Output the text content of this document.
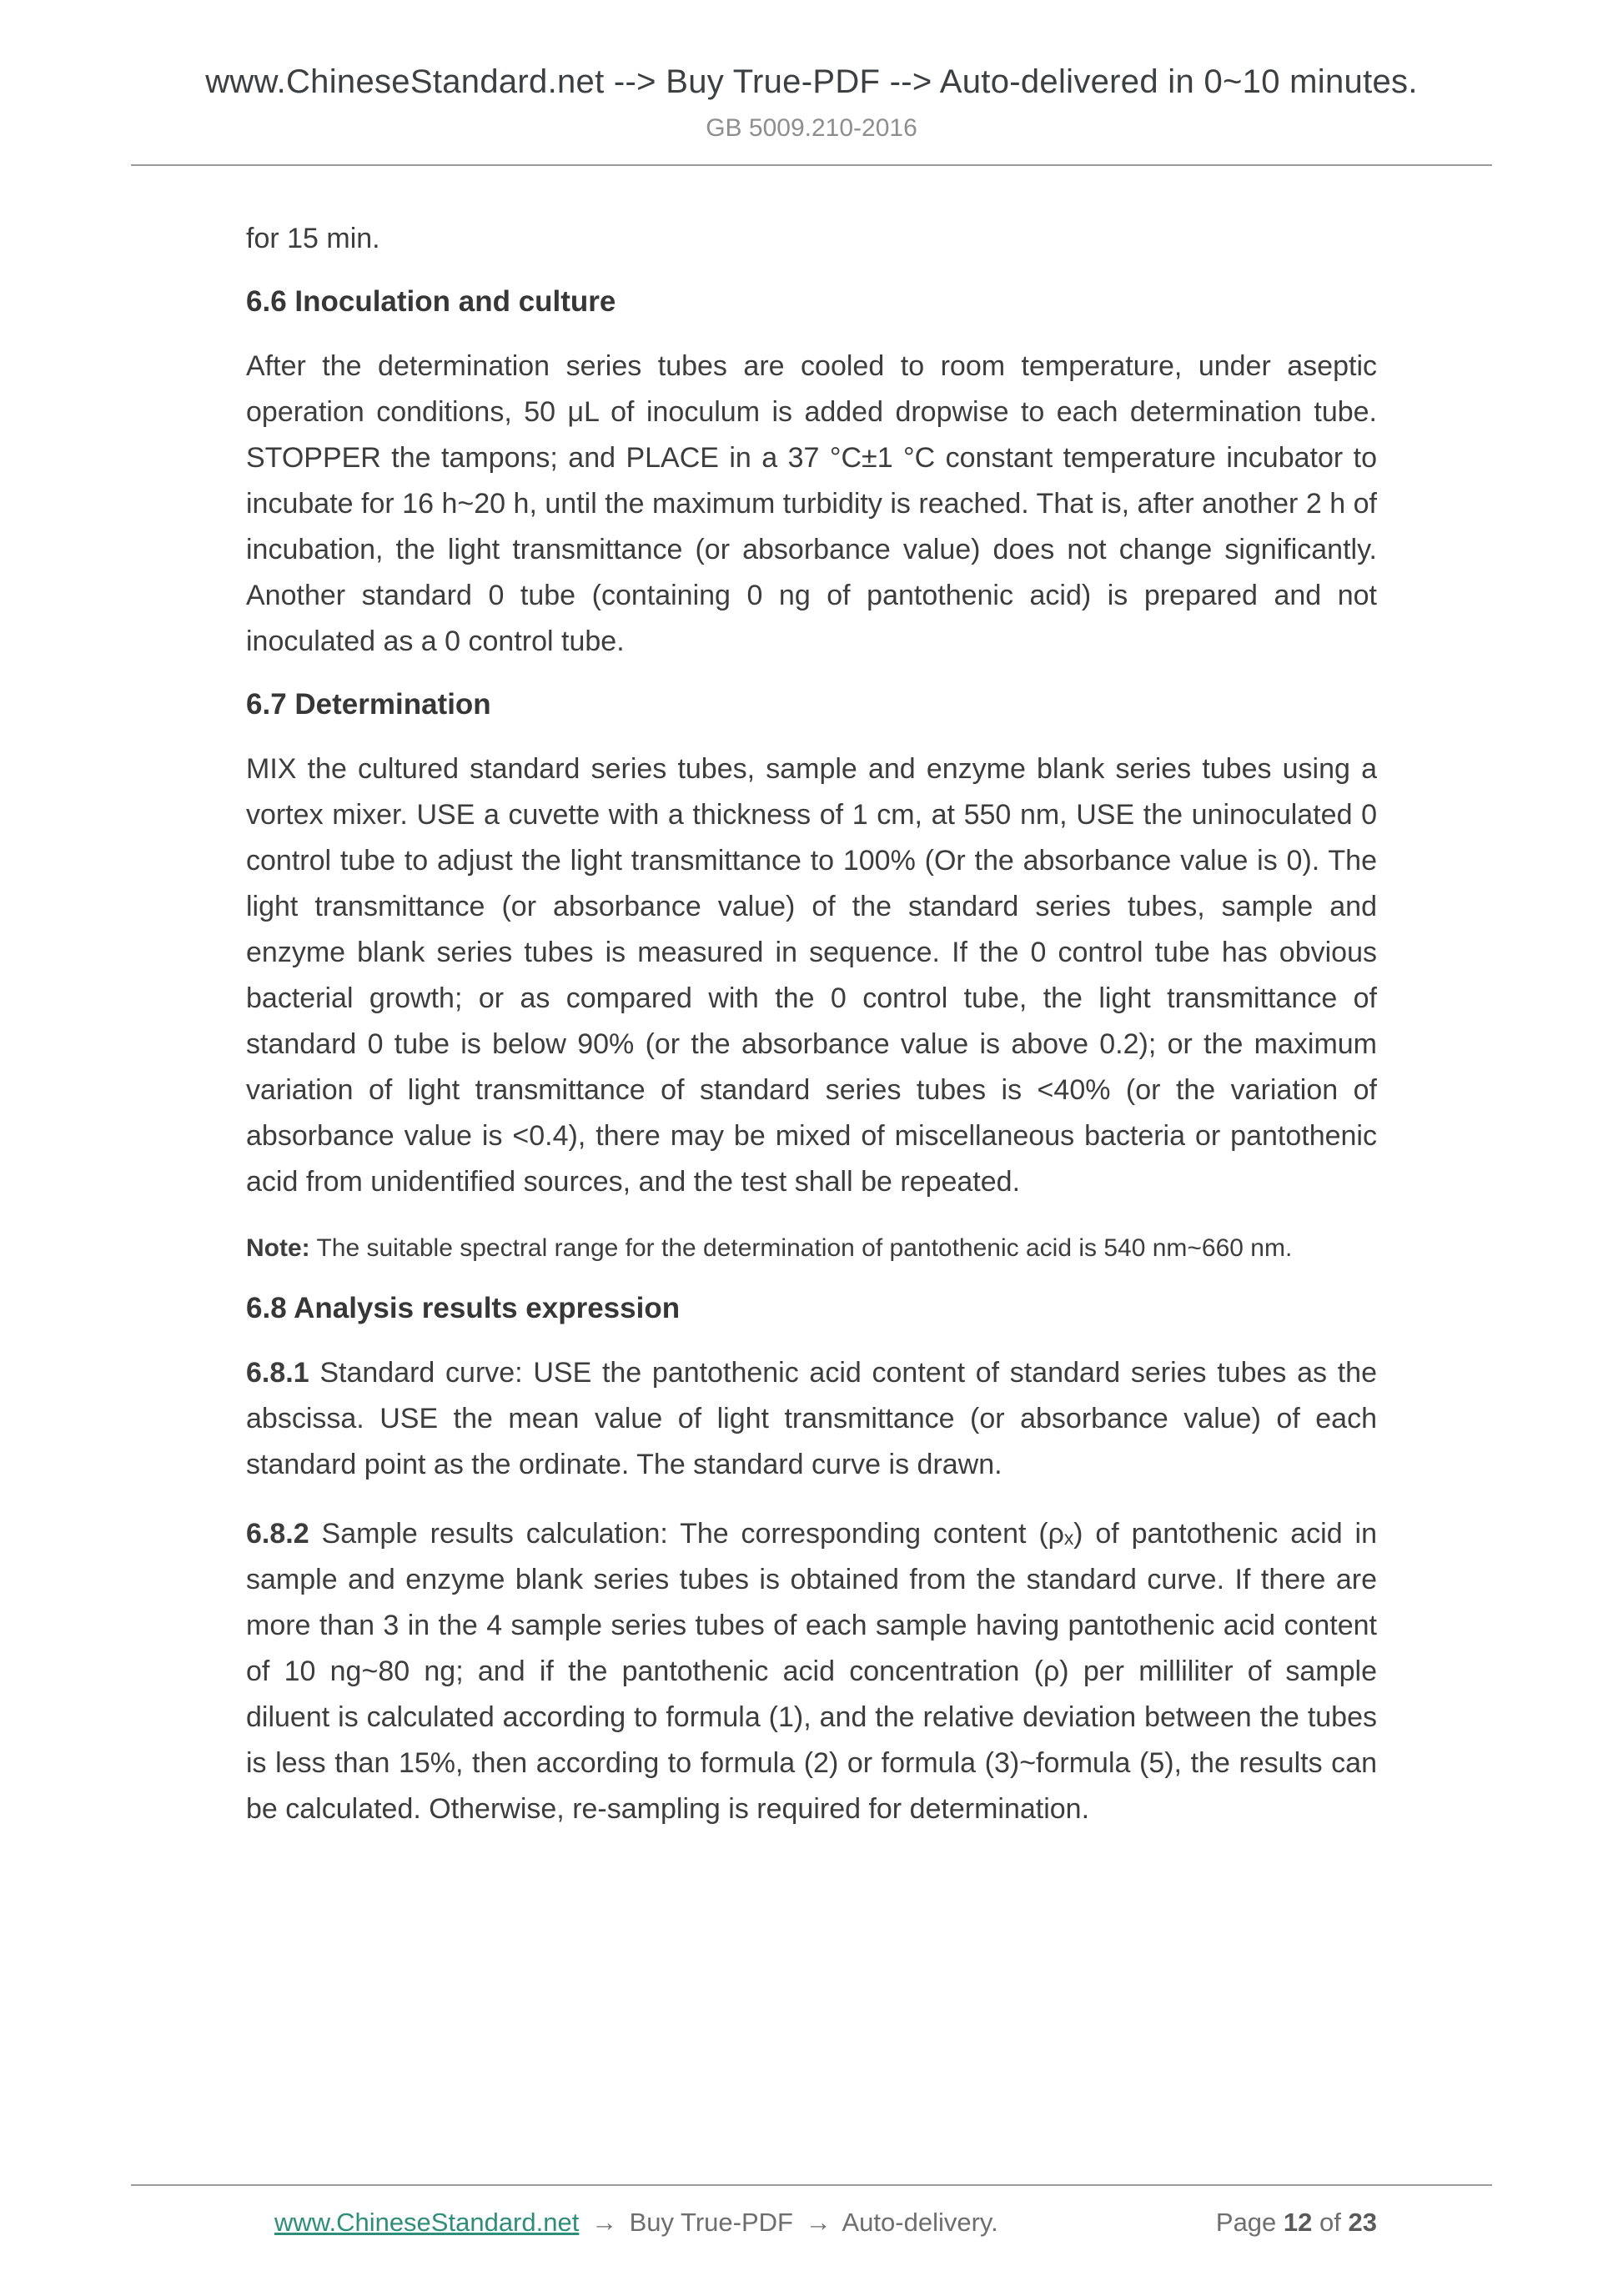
www.ChineseStandard.net --> Buy True-PDF --> Auto-delivered in 0~10 minutes.
GB 5009.210-2016

for 15 min.

6.6 Inoculation and culture

After the determination series tubes are cooled to room temperature, under aseptic operation conditions, 50 μL of inoculum is added dropwise to each determination tube. STOPPER the tampons; and PLACE in a 37 °C±1 °C constant temperature incubator to incubate for 16 h~20 h, until the maximum turbidity is reached. That is, after another 2 h of incubation, the light transmittance (or absorbance value) does not change significantly. Another standard 0 tube (containing 0 ng of pantothenic acid) is prepared and not inoculated as a 0 control tube.

6.7 Determination

MIX the cultured standard series tubes, sample and enzyme blank series tubes using a vortex mixer. USE a cuvette with a thickness of 1 cm, at 550 nm, USE the uninoculated 0 control tube to adjust the light transmittance to 100% (Or the absorbance value is 0). The light transmittance (or absorbance value) of the standard series tubes, sample and enzyme blank series tubes is measured in sequence. If the 0 control tube has obvious bacterial growth; or as compared with the 0 control tube, the light transmittance of standard 0 tube is below 90% (or the absorbance value is above 0.2); or the maximum variation of light transmittance of standard series tubes is <40% (or the variation of absorbance value is <0.4), there may be mixed of miscellaneous bacteria or pantothenic acid from unidentified sources, and the test shall be repeated.

Note: The suitable spectral range for the determination of pantothenic acid is 540 nm~660 nm.

6.8 Analysis results expression

6.8.1 Standard curve: USE the pantothenic acid content of standard series tubes as the abscissa. USE the mean value of light transmittance (or absorbance value) of each standard point as the ordinate. The standard curve is drawn.

6.8.2 Sample results calculation: The corresponding content (ρₓ) of pantothenic acid in sample and enzyme blank series tubes is obtained from the standard curve. If there are more than 3 in the 4 sample series tubes of each sample having pantothenic acid content of 10 ng~80 ng; and if the pantothenic acid concentration (ρ) per milliliter of sample diluent is calculated according to formula (1), and the relative deviation between the tubes is less than 15%, then according to formula (2) or formula (3)~formula (5), the results can be calculated. Otherwise, re-sampling is required for determination.

www.ChineseStandard.net → Buy True-PDF → Auto-delivery.	Page 12 of 23
